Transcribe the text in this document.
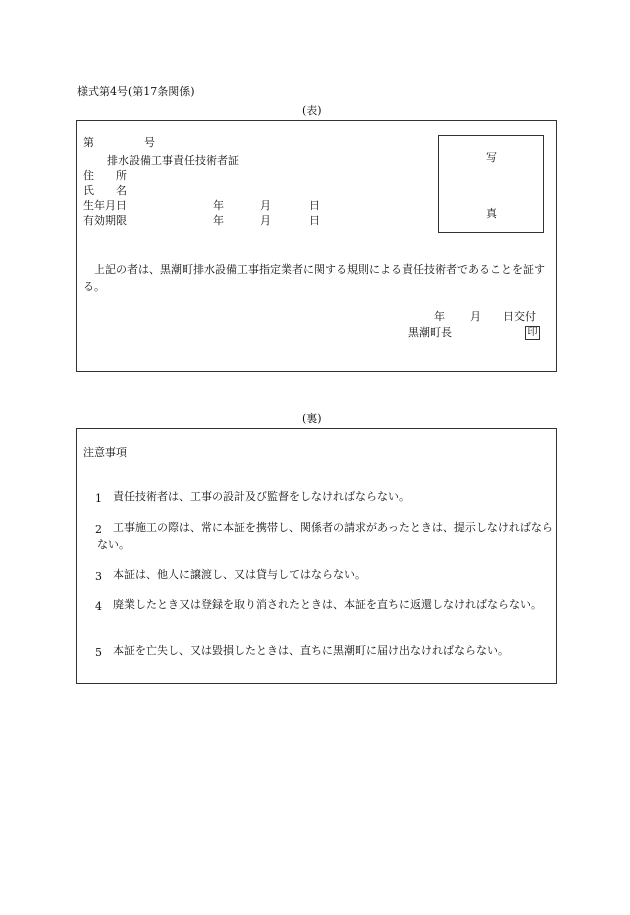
様式第4号(第17条関係)
(表)
第	号
排水設備工事責任技術者証
住　　所
氏　　名
生年月日	年	月	日
有効期限	年	月	日
写
真
上記の者は、黒潮町排水設備工事指定業者に関する規則による責任技術者であることを証する。
年 月 日交付
黒潮町長	印
(裏)
注意事項
1 責任技術者は、工事の設計及び監督をしなければならない。
2	工事施工の際は、常に本証を携帯し、関係者の請求があったときは、提示しなければならない。
3 本証は、他人に譲渡し、又は貸与してはならない。
4	廃業したとき又は登録を取り消されたときは、本証を直ちに返還しなければならない。
5 本証を亡失し、又は毀損したときは、直ちに黒潮町に届け出なければならない。
